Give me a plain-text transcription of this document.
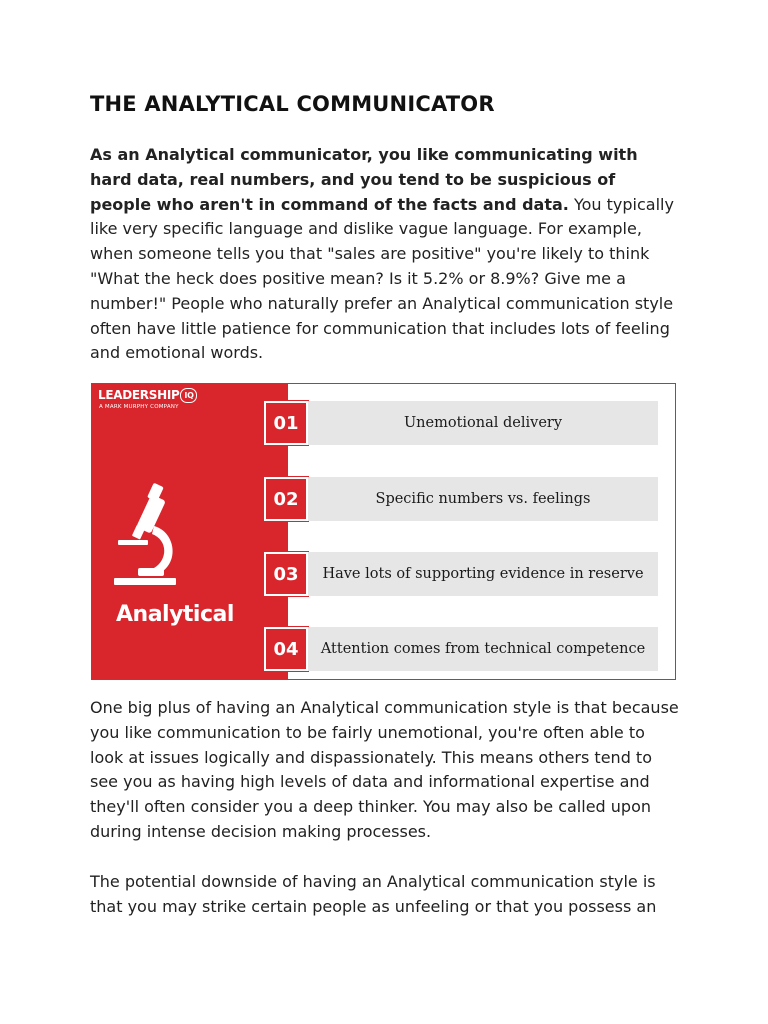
THE ANALYTICAL COMMUNICATOR

As an Analytical communicator, you like communicating with hard data, real numbers, and you tend to be suspicious of people who aren't in command of the facts and data. You typically like very specific language and dislike vague language. For example, when someone tells you that "sales are positive" you're likely to think "What the heck does positive mean? Is it 5.2% or 8.9%? Give me a number!" People who naturally prefer an Analytical communication style often have little patience for communication that includes lots of feeling and emotional words.

LEADERSHIP IQ
A MARK MURPHY COMPANY
Analytical
01	Unemotional delivery
02	Specific numbers vs. feelings
03	Have lots of supporting evidence in reserve
04	Attention comes from technical competence

One big plus of having an Analytical communication style is that because you like communication to be fairly unemotional, you're often able to look at issues logically and dispassionately. This means others tend to see you as having high levels of data and informational expertise and they'll often consider you a deep thinker. You may also be called upon during intense decision making processes.

The potential downside of having an Analytical communication style is that you may strike certain people as unfeeling or that you possess an
